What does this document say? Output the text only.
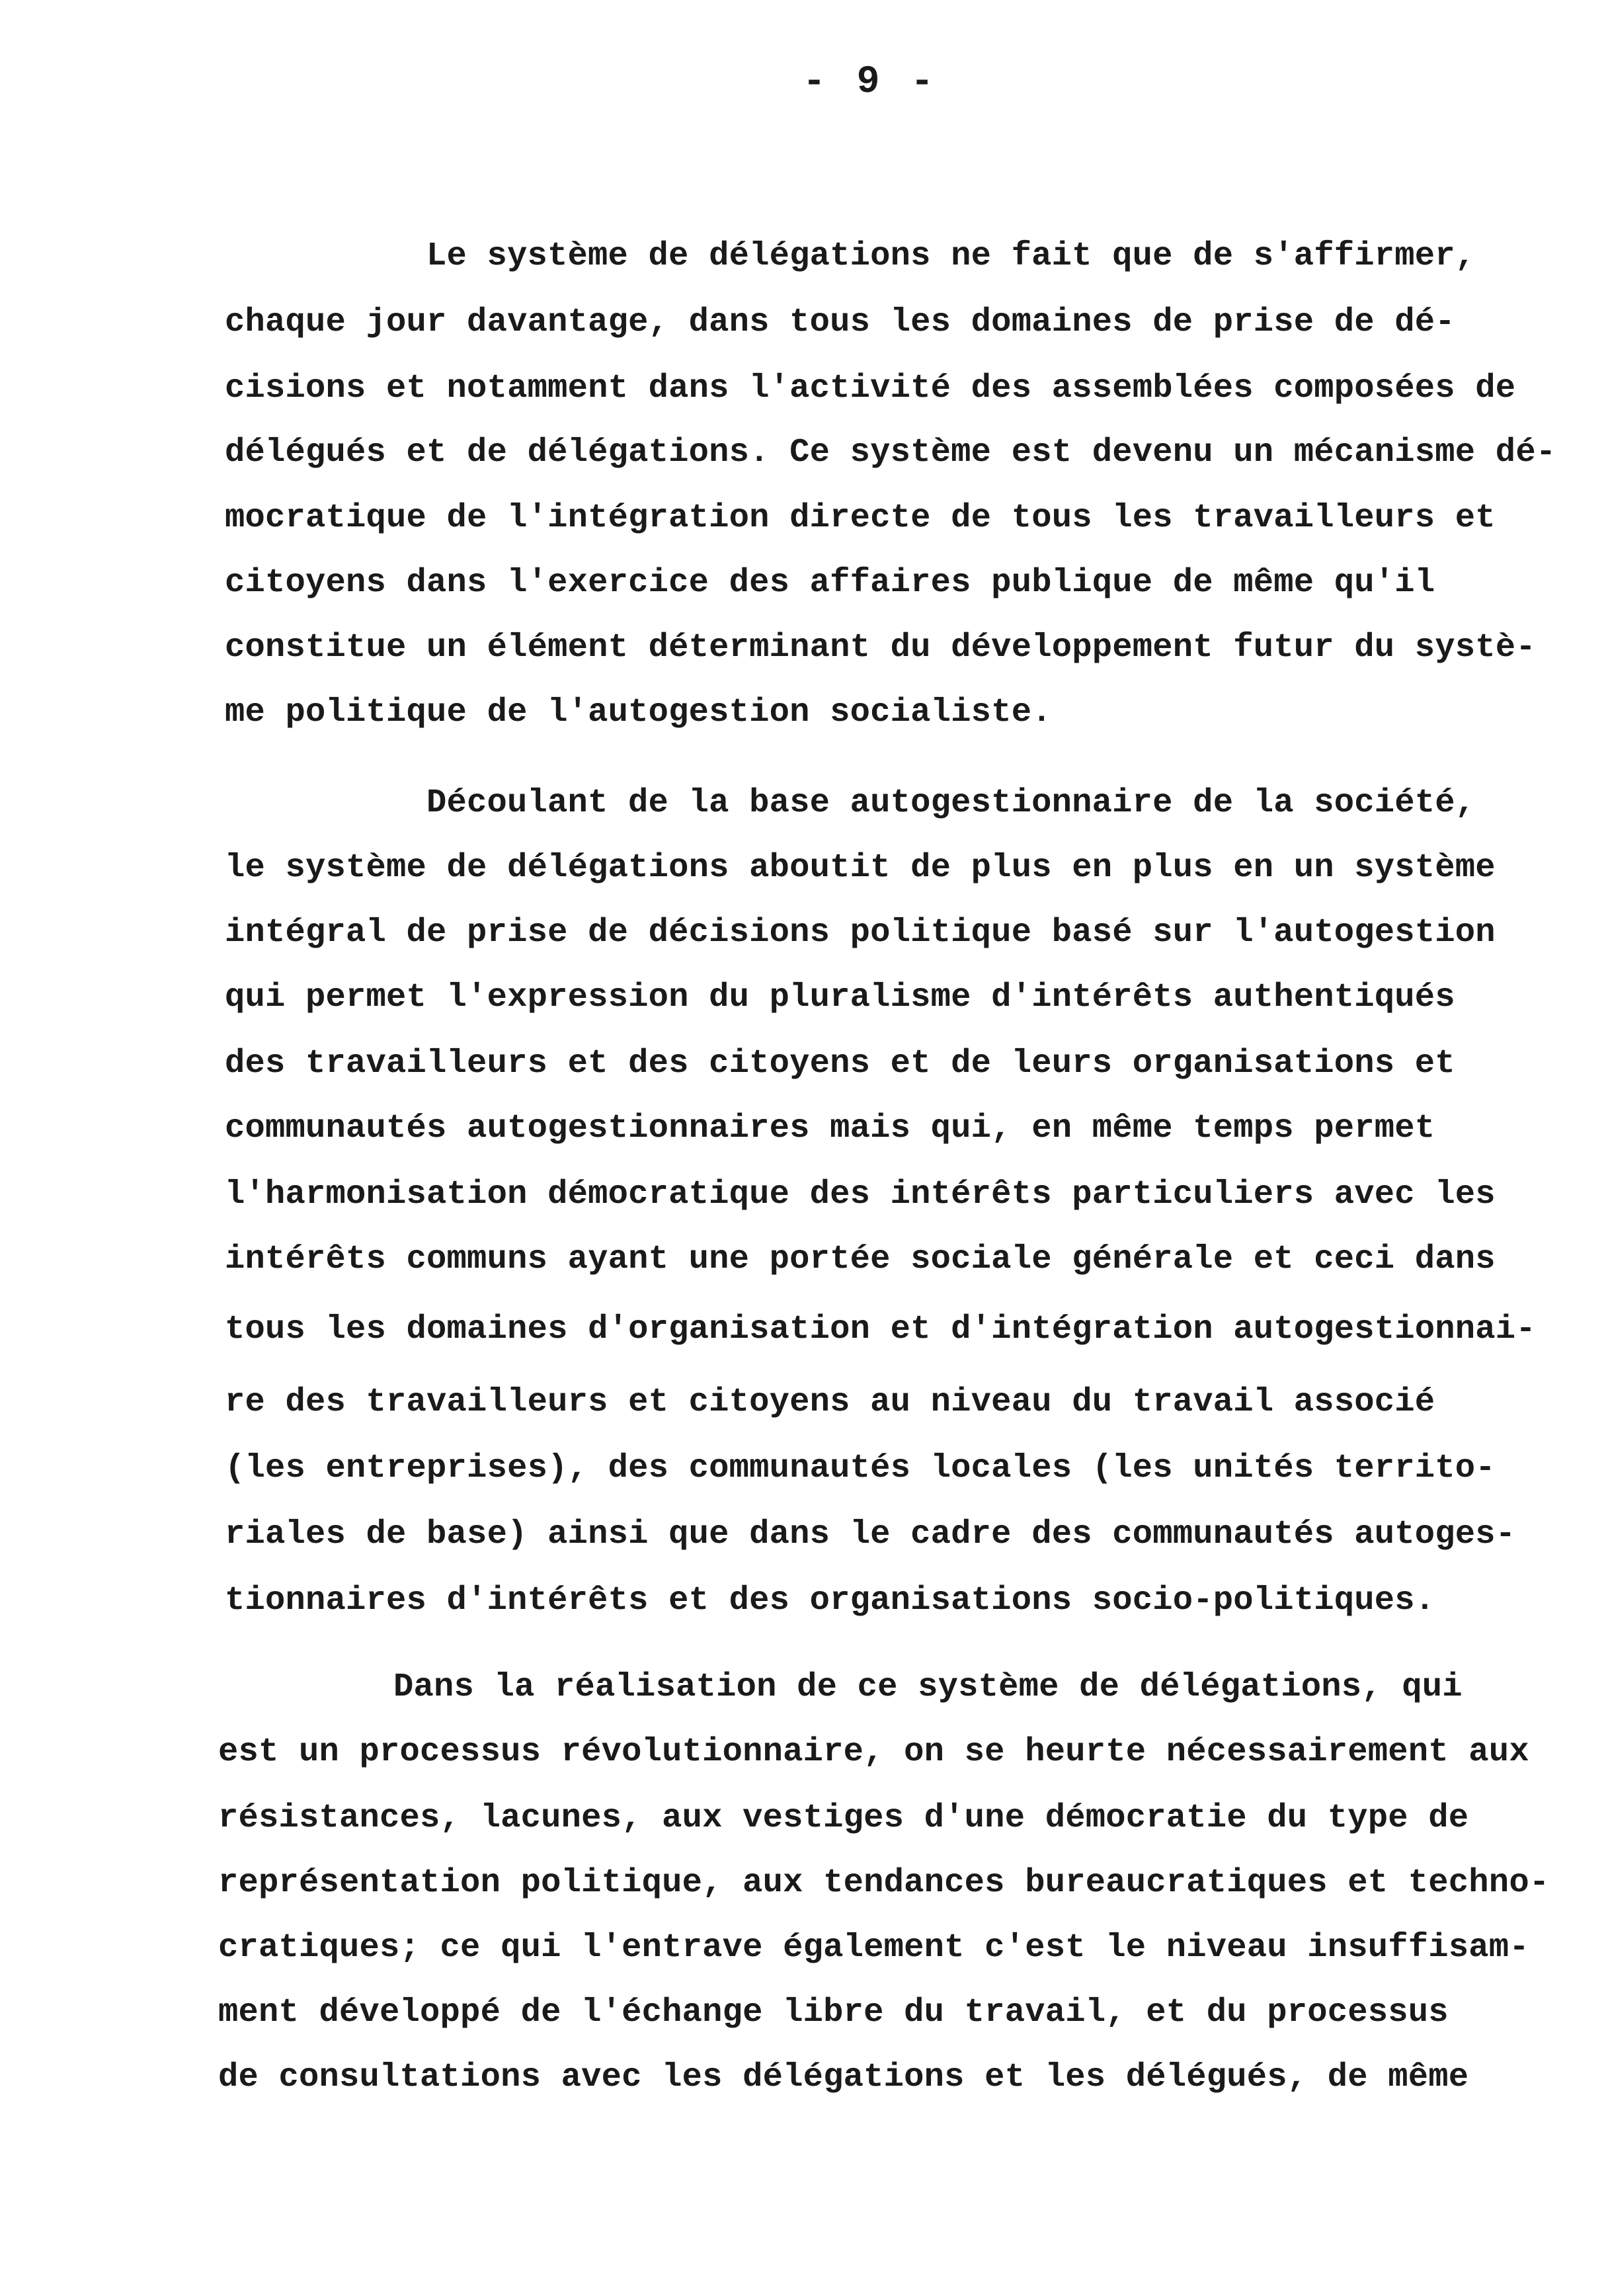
- 9 -
Le système de délégations ne fait que de s'affirmer,
chaque jour davantage, dans tous les domaines de prise de dé-
cisions et notamment dans l'activité des assemblées composées de
délégués et de délégations. Ce système est devenu un mécanisme dé-
mocratique de l'intégration directe de tous les travailleurs et
citoyens dans l'exercice des affaires publique de même qu'il
constitue un élément déterminant du développement futur du systè-
me politique de l'autogestion socialiste.
Découlant de la base autogestionnaire de la société,
le système de délégations aboutit de plus en plus en un système
intégral de prise de décisions politique basé sur l'autogestion
qui permet l'expression du pluralisme d'intérêts authentiqués
des travailleurs et des citoyens et de leurs organisations et
communautés autogestionnaires mais qui, en même temps permet
l'harmonisation démocratique des intérêts particuliers avec les
intérêts communs ayant une portée sociale générale et ceci dans
tous les domaines d'organisation et d'intégration autogestionnai-
re des travailleurs et citoyens au niveau du travail associé
(les entreprises), des communautés locales (les unités territo-
riales de base) ainsi que dans le cadre des communautés autoges-
tionnaires d'intérêts et des organisations socio-politiques.
Dans la réalisation de ce système de délégations, qui
est un processus révolutionnaire, on se heurte nécessairement aux
résistances, lacunes, aux vestiges d'une démocratie du type de
représentation politique, aux tendances bureaucratiques et techno-
cratiques; ce qui l'entrave également c'est le niveau insuffisam-
ment développé de l'échange libre du travail, et du processus
de consultations avec les délégations et les délégués, de même
